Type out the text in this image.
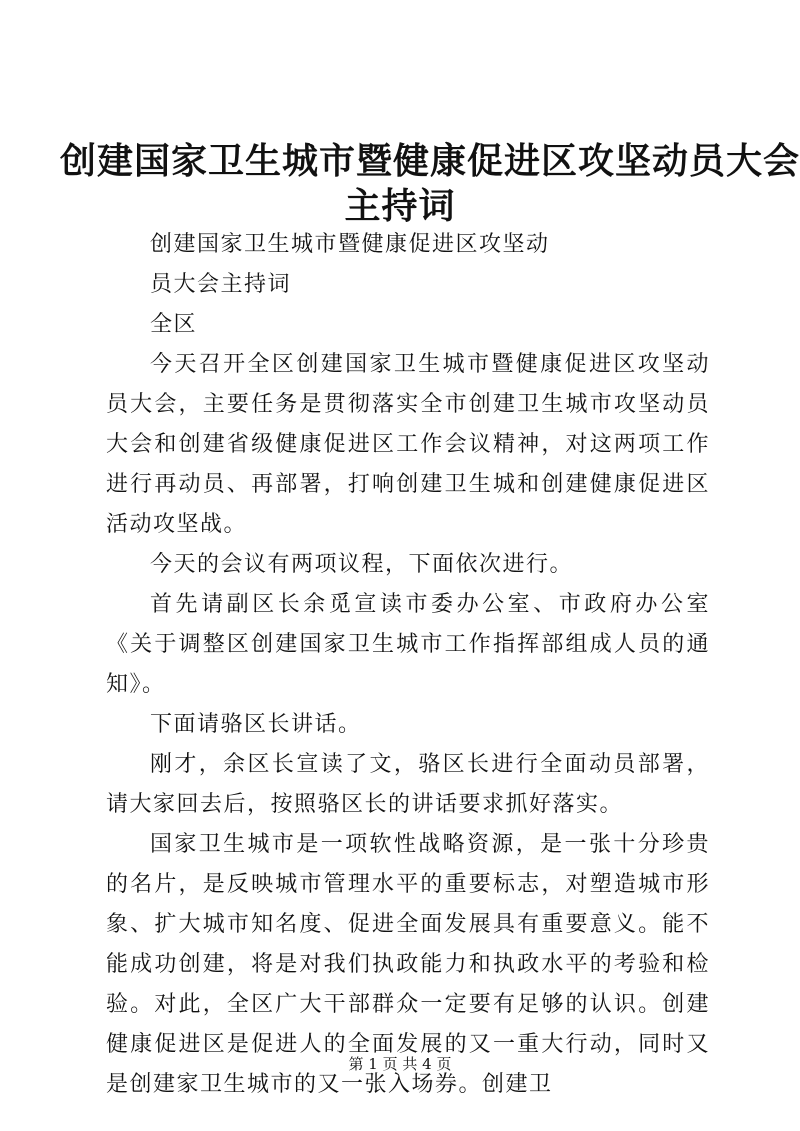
创建国家卫生城市暨健康促进区攻坚动员大会
主持词

创建国家卫生城市暨健康促进区攻坚动

员大会主持词

全区

今天召开全区创建国家卫生城市暨健康促进区攻坚动员大会，主要任务是贯彻落实全市创建卫生城市攻坚动员大会和创建省级健康促进区工作会议精神，对这两项工作进行再动员、再部署，打响创建卫生城和创建健康促进区活动攻坚战。

今天的会议有两项议程，下面依次进行。

首先请副区长余觅宣读市委办公室、市政府办公室《关于调整区创建国家卫生城市工作指挥部组成人员的通知》。

下面请骆区长讲话。

刚才，余区长宣读了文，骆区长进行全面动员部署，请大家回去后，按照骆区长的讲话要求抓好落实。

国家卫生城市是一项软性战略资源，是一张十分珍贵的名片，是反映城市管理水平的重要标志，对塑造城市形象、扩大城市知名度、促进全面发展具有重要意义。能不能成功创建，将是对我们执政能力和执政水平的考验和检验。对此，全区广大干部群众一定要有足够的认识。创建健康促进区是促进人的全面发展的又一重大行动，同时又是创建家卫生城市的又一张入场券。创建卫

第 1 页 共 4 页
